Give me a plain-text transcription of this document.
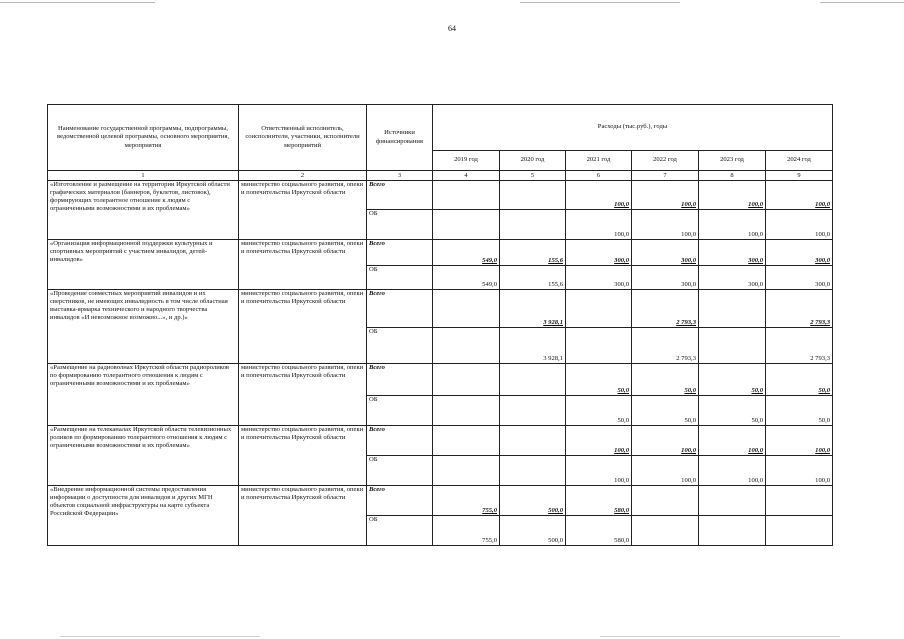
64
Наименование государственной программы, подпрограммы, ведомственной целевой программы, основного мероприятия, мероприятия	Ответственный исполнитель, соисполнители, участники, исполнители мероприятий	Источники финансирования	Расходы (тыс.руб.), годы					
			2019 год	2020 год	2021 год	2022 год	2023 год	2024 год
1	2	3	4	5	6	7	8	9
«Изготовление и размещение на территории Иркутской области графических материалов (баннеров, буклетов, листовок), формирующих толерантное отношение к людям с ограниченными возможностями и их проблемам»	министерство социального развития, опеки и попечительства Иркутской области	Всего			100,0	100,0	100,0	100,0
		ОБ			100,0	100,0	100,0	100,0
«Организация информационной поддержки культурных и спортивных мероприятий с участием инвалидов, детей-инвалидов»	министерство социального развития, опеки и попечительства Иркутской области	Всего	549,0	155,6	300,0	300,0	300,0	300,0
		ОБ	549,0	155,6	300,0	300,0	300,0	300,0
«Проведение совместных мероприятий инвалидов и их сверстников, не имеющих инвалидность в том числе областная выставка-ярмарка технического и народного творчества инвалидов «И невозможное возможно...», и др.)»	министерство социального развития, опеки и попечительства Иркутской области	Всего		3 928,1		2 793,3		2 793,3
		ОБ		3 928,1		2 793,3		2 793,3
«Размещение на радиоволнах Иркутской области радиороликов по формированию толерантного отношения к людям с ограниченными возможностями и их проблемам»	министерство социального развития, опеки и попечительства Иркутской области	Всего			50,0	50,0	50,0	50,0
		ОБ			50,0	50,0	50,0	50,0
«Размещение на телеканалах Иркутской области телевизионных роликов по формированию толерантного отношения к людям с ограниченными возможностями и их проблемам»	министерство социального развития, опеки и попечительства Иркутской области	Всего			100,0	100,0	100,0	100,0
		ОБ			100,0	100,0	100,0	100,0
«Внедрение информационной системы предоставления информации о доступности для инвалидов и других МГН объектов социальной инфраструктуры на карте субъекта Российской Федерации»	министерство социального развития, опеки и попечительства Иркутской области	Всего	755,0	500,0	580,0			
		ОБ	755,0	500,0	580,0			
